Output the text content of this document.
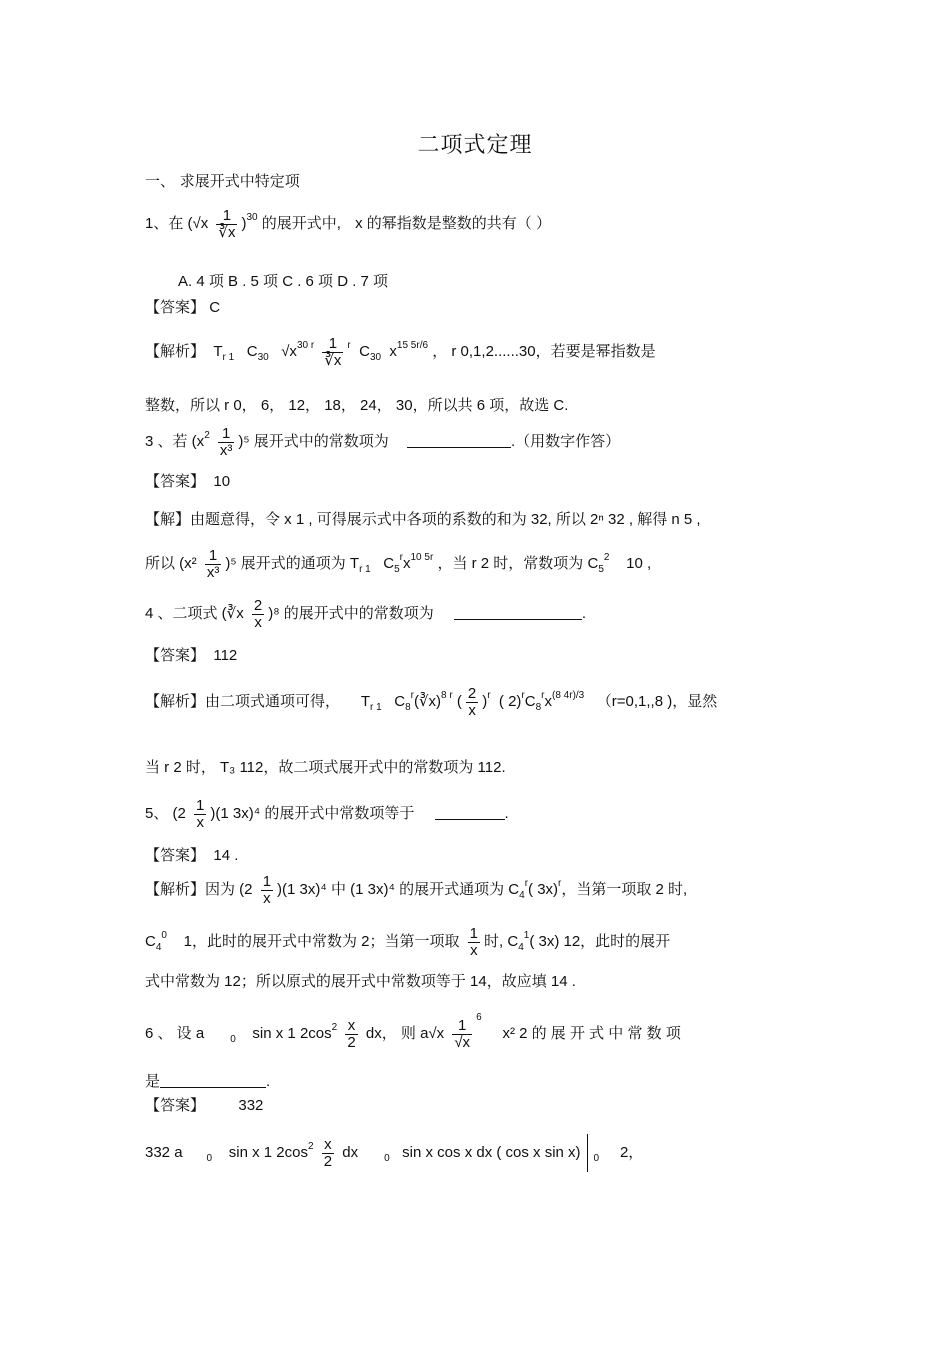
二项式定理
一、 求展开式中特定项
1、在 $(√x \frac{1}{∛x} )^{30}$ 的展开式中, x 的幂指数是整数的共有（ ）
A. 4 项 B . 5 项 C . 6 项 D . 7 项
【答案】 C
【解析】 $T_{r 1}$ $C_{30}$ $√x^{30 r} \frac{1}{∛x} ^r$ $C_{30}$ $x^{15 5r/6}$ ， r 0,1,2......30，若要是幂指数是
整数，所以 r 0， 6， 12， 18， 24， 30，所以共 6 项，故选 C.
3 、若 $(x^2 \frac{1}{\text{x³}} )^5$ 展开式中的常数项为	.（用数字作答）
【答案】 10
【解】由题意得，令 x 1 , 可得展示式中各项的系数的和为 32, 所以 2ⁿ 32 , 解得 n 5 ,
所以 $(x^2 \frac{1}{\text{x³}} )^5$ 展开式的通项为 $T_{r 1}$ $C_5^rx^{10 5r}$ ，当 r 2 时，常数项为 $C_5^2$ 10 ,
4 、二项式 (∛x $\frac{2}{x} )^8$ 的展开式中的常数项为	.
【答案】 112
【解析】由二项式通项可得， $T_{r 1}$ $C_8^r(∛x)^{8 r}$ ( $\frac{2}{x} )^r$ ( $2)^rC_8^rx^{(8 4r)/3}$ （r=0,1,,8 )，显然
当 r 2 时， T₃ 112，故二项式展开式中的常数项为 112.
5、 $(2 \frac{1}{x} )(1$ 3x)⁴ 的展开式中常数项等于	.
【答案】 14 .
【解析】因为 $(2 \frac{1}{x} )(1$ 3x)⁴ 中 (1 3x)⁴ 的展开式通项为 $C_4^r$( 3x)$^r$，当第一项取 2 时,
$C_4^0$ 1，此时的展开式中常数为 2；当第一项取 $\frac{1}{x}$ 时, $C_4^1$( 3x) 12，此时的展开
式中常数为 12；所以原式的展开式中常数项等于 14，故应填 14 .
6 、 设 a	$_0$ sin x 1 $2\cos^2 \frac{x}{2}$ dx， 则 $a√x \frac{1}{√x}$
$^6$     x² 2 的 展 开 式 中 常 数 项
是	.
【答案】 332
332 a $_0$ sin x 1 $2\cos^2 \frac{x}{2}$ dx	$_0$ sin x cos x dx ( cos x sin x) $_0$ 2，
